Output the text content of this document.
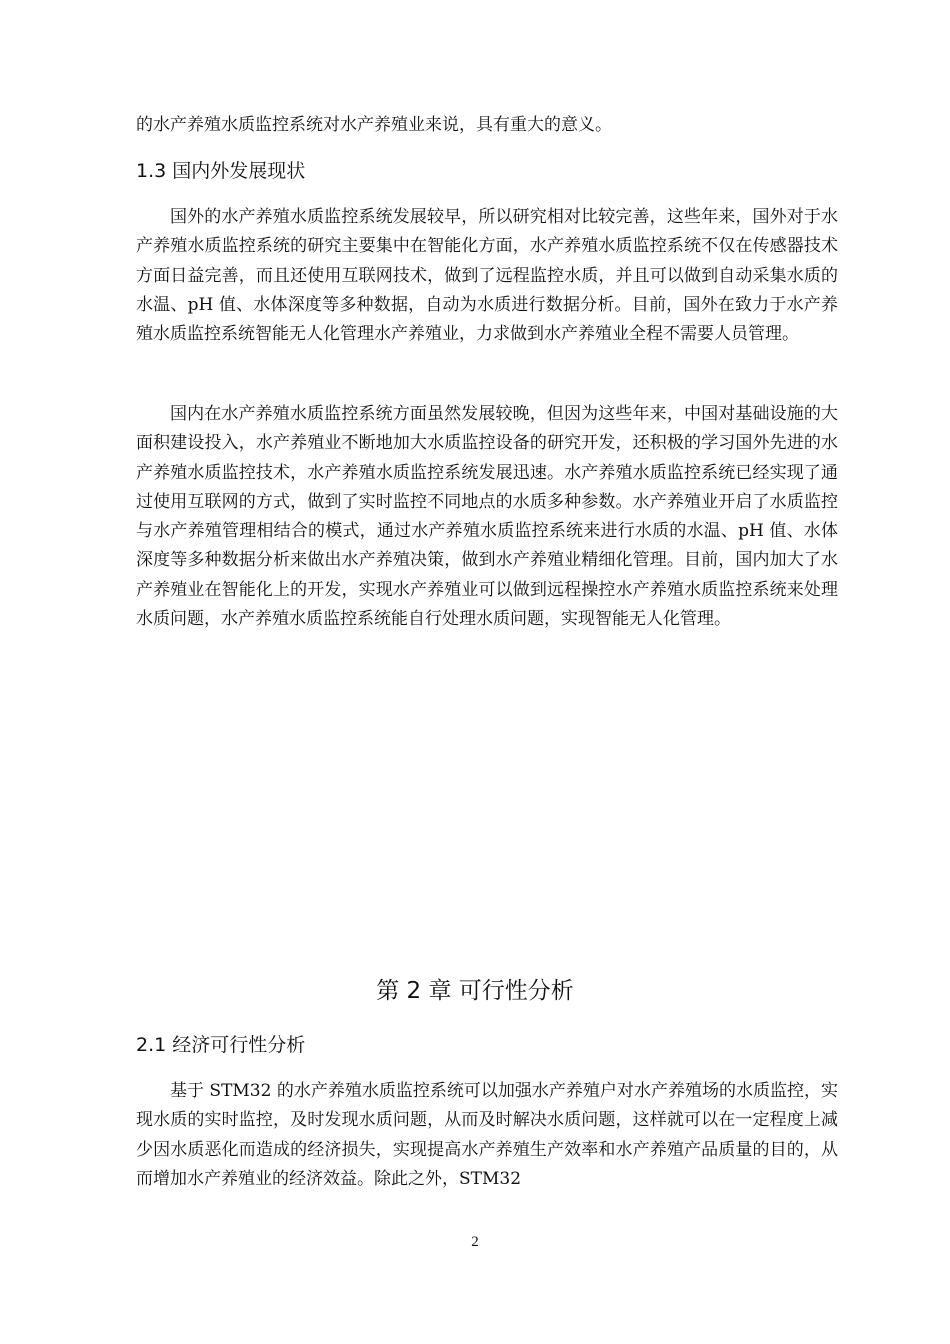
的水产养殖水质监控系统对水产养殖业来说，具有重大的意义。

1.3 国内外发展现状

国外的水产养殖水质监控系统发展较早，所以研究相对比较完善，这些年来，国外对于水产养殖水质监控系统的研究主要集中在智能化方面，水产养殖水质监控系统不仅在传感器技术方面日益完善，而且还使用互联网技术，做到了远程监控水质，并且可以做到自动采集水质的水温、pH 值、水体深度等多种数据，自动为水质进行数据分析。目前，国外在致力于水产养殖水质监控系统智能无人化管理水产养殖业，力求做到水产养殖业全程不需要人员管理。

国内在水产养殖水质监控系统方面虽然发展较晚，但因为这些年来，中国对基础设施的大面积建设投入，水产养殖业不断地加大水质监控设备的研究开发，还积极的学习国外先进的水产养殖水质监控技术，水产养殖水质监控系统发展迅速。水产养殖水质监控系统已经实现了通过使用互联网的方式，做到了实时监控不同地点的水质多种参数。水产养殖业开启了水质监控与水产养殖管理相结合的模式，通过水产养殖水质监控系统来进行水质的水温、pH 值、水体深度等多种数据分析来做出水产养殖决策，做到水产养殖业精细化管理。目前，国内加大了水产养殖业在智能化上的开发，实现水产养殖业可以做到远程操控水产养殖水质监控系统来处理水质问题，水产养殖水质监控系统能自行处理水质问题，实现智能无人化管理。

第 2 章 可行性分析
2.1 经济可行性分析

基于 STM32 的水产养殖水质监控系统可以加强水产养殖户对水产养殖场的水质监控，实现水质的实时监控，及时发现水质问题，从而及时解决水质问题，这样就可以在一定程度上减少因水质恶化而造成的经济损失，实现提高水产养殖生产效率和水产养殖产品质量的目的，从而增加水产养殖业的经济效益。除此之外，STM32

2
